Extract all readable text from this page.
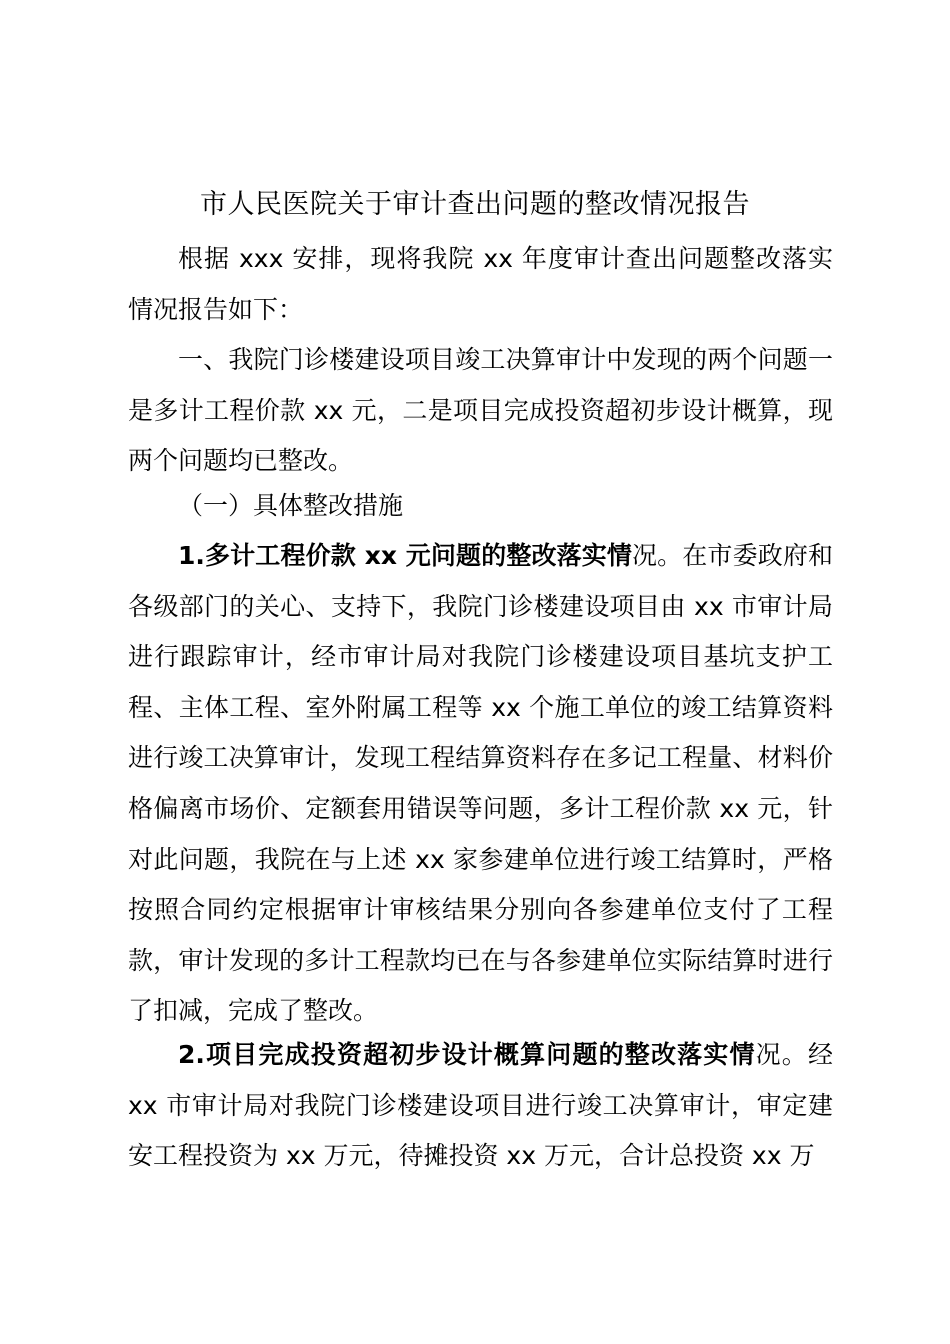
市人民医院关于审计查出问题的整改情况报告

根据 xxx 安排，现将我院 xx 年度审计查出问题整改落实情况报告如下：

一、我院门诊楼建设项目竣工决算审计中发现的两个问题一是多计工程价款 xx 元，二是项目完成投资超初步设计概算，现两个问题均已整改。

（一）具体整改措施

1.多计工程价款 xx 元问题的整改落实情况。在市委政府和各级部门的关心、支持下，我院门诊楼建设项目由 xx 市审计局进行跟踪审计，经市审计局对我院门诊楼建设项目基坑支护工程、主体工程、室外附属工程等 xx 个施工单位的竣工结算资料进行竣工决算审计，发现工程结算资料存在多记工程量、材料价格偏离市场价、定额套用错误等问题，多计工程价款 xx 元，针对此问题，我院在与上述 xx 家参建单位进行竣工结算时，严格按照合同约定根据审计审核结果分别向各参建单位支付了工程款，审计发现的多计工程款均已在与各参建单位实际结算时进行了扣减，完成了整改。

2.项目完成投资超初步设计概算问题的整改落实情况。经 xx 市审计局对我院门诊楼建设项目进行竣工决算审计，审定建安工程投资为 xx 万元，待摊投资 xx 万元，合计总投资 xx 万
